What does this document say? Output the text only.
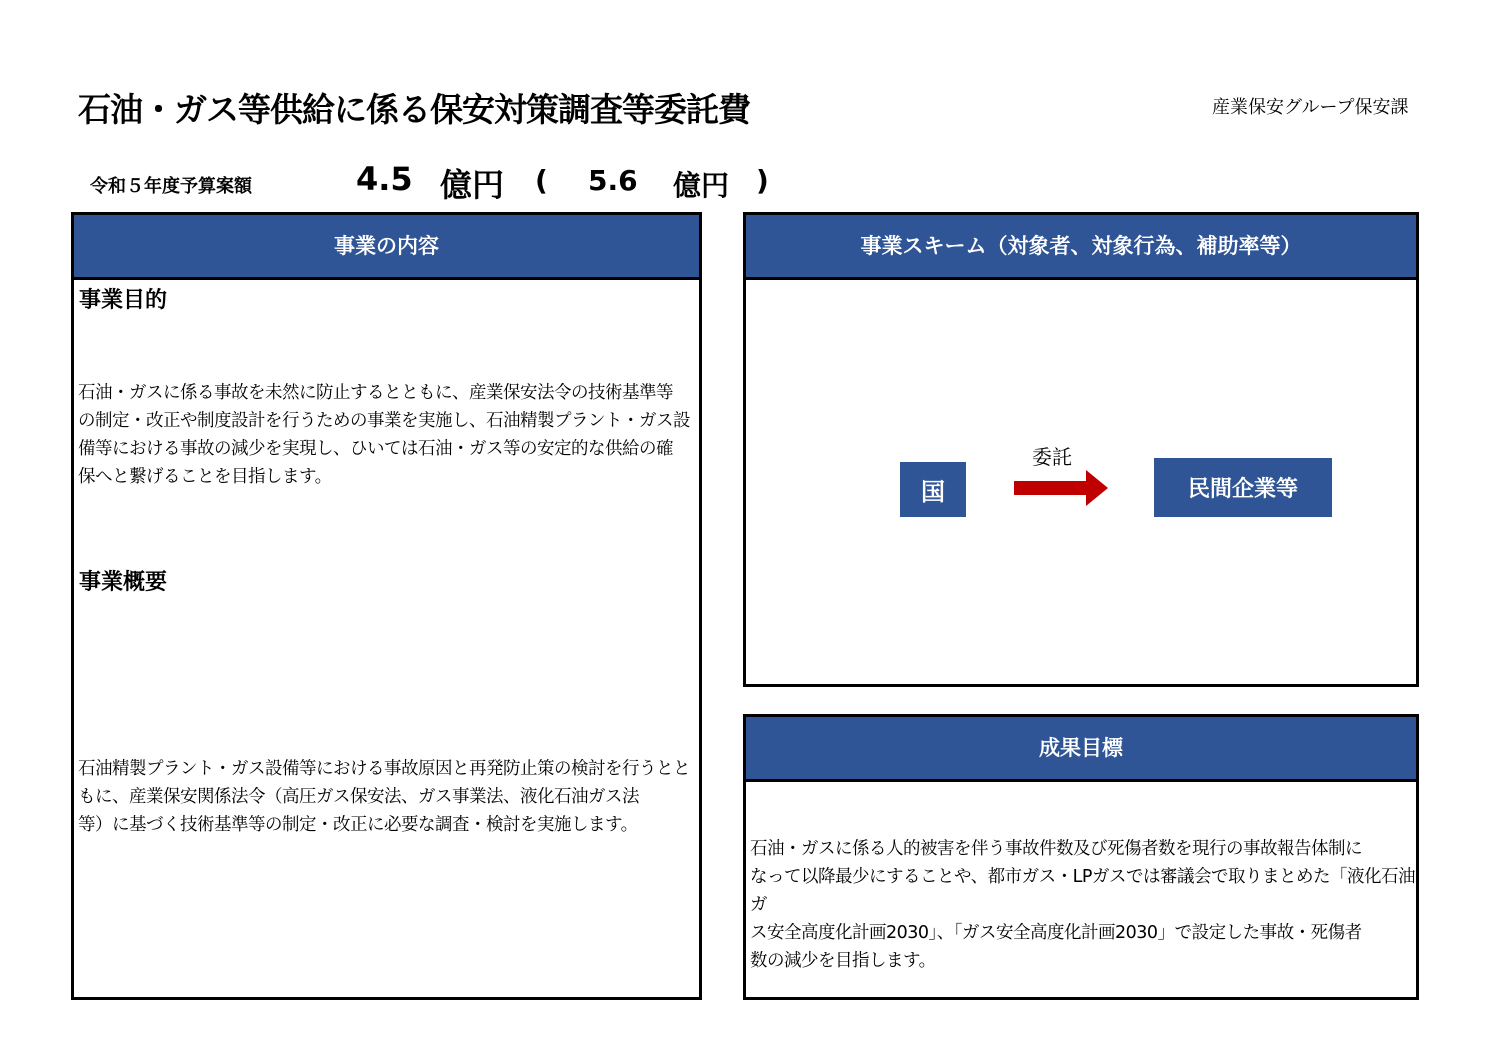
石油・ガス等供給に係る保安対策調査等委託費	産業保安グループ保安課
令和５年度予算案額	4.5 億円 ( 5.6 億円 )
事業の内容
事業目的
石油・ガスに係る事故を未然に防止するとともに、産業保安法令の技術基準等
の制定・改正や制度設計を行うための事業を実施し、石油精製プラント・ガス設
備等における事故の減少を実現し、ひいては石油・ガス等の安定的な供給の確
保へと繋げることを目指します。
事業概要
石油精製プラント・ガス設備等における事故原因と再発防止策の検討を行うとと
もに、産業保安関係法令（高圧ガス保安法、ガス事業法、液化石油ガス法
等）に基づく技術基準等の制定・改正に必要な調査・検討を実施します。
事業スキーム（対象者、対象行為、補助率等）
国
委託
民間企業等
成果目標
石油・ガスに係る人的被害を伴う事故件数及び死傷者数を現行の事故報告体制に
なって以降最少にすることや、都市ガス・LPガスでは審議会で取りまとめた「液化石油ガ
ス安全高度化計画2030」、「ガス安全高度化計画2030」で設定した事故・死傷者
数の減少を目指します。
